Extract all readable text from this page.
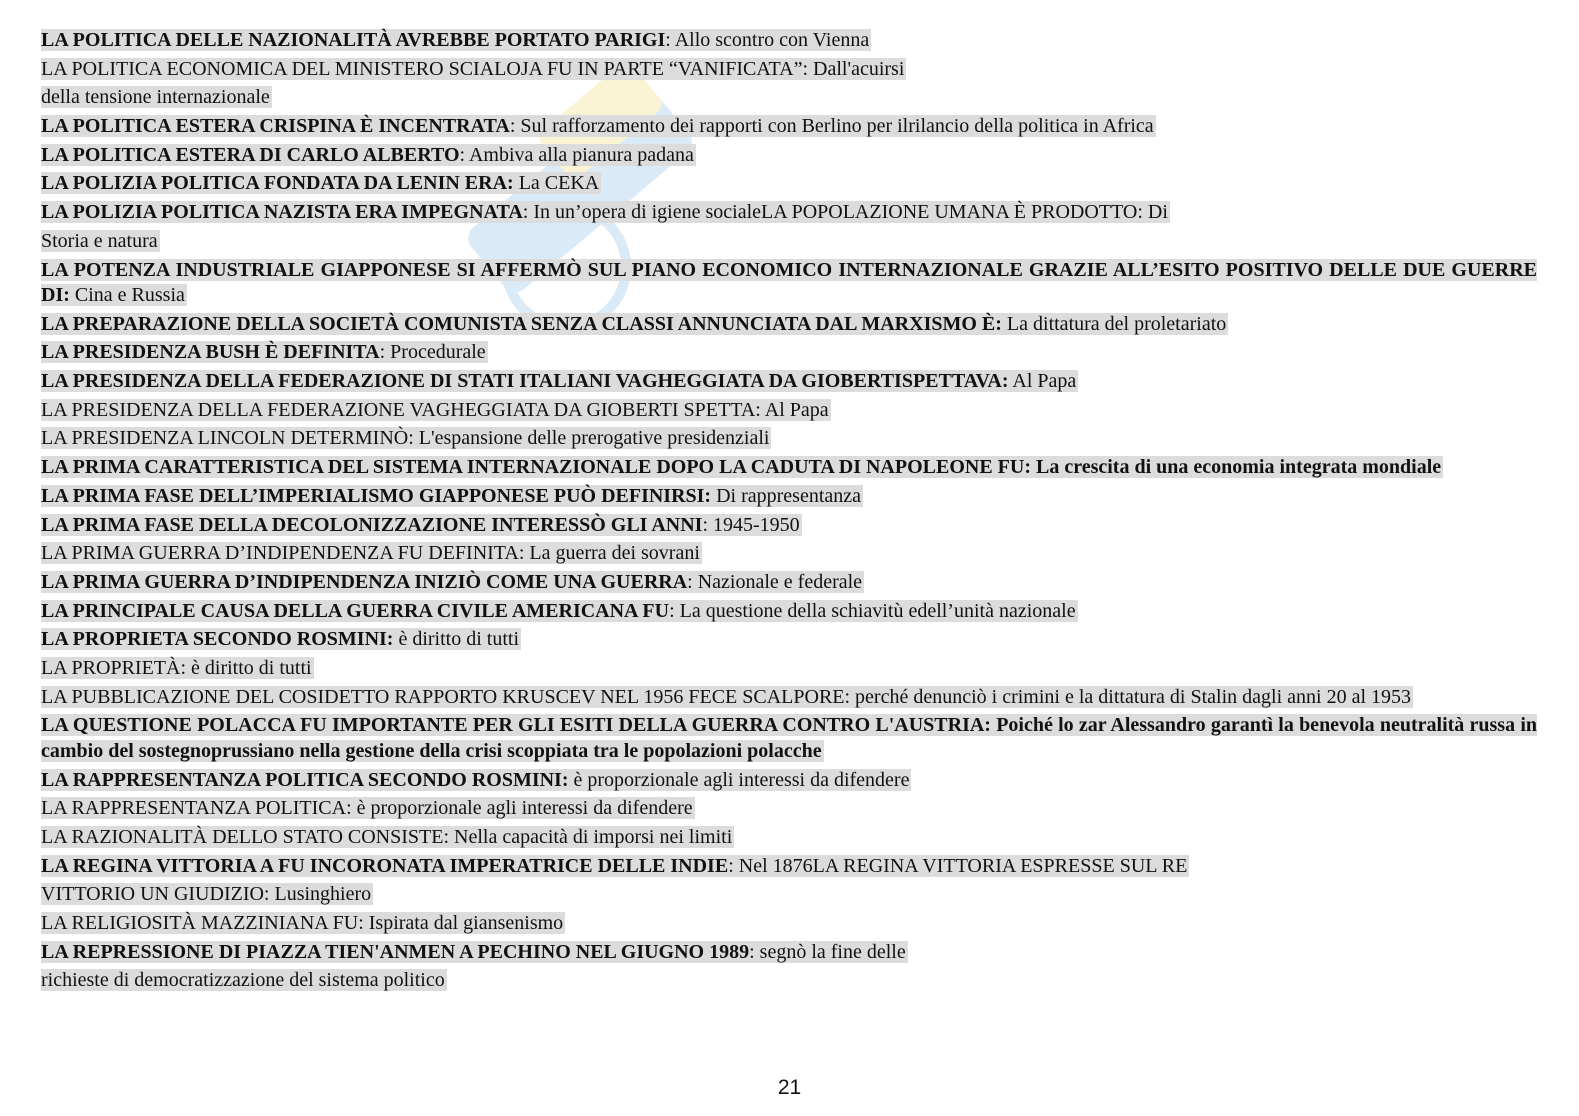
LA POLITICA DELLE NAZIONALITÀ AVREBBE PORTATO PARIGI: Allo scontro con Vienna
LA POLITICA ECONOMICA DEL MINISTERO SCIALOJA FU IN PARTE “VANIFICATA”: Dall'acuirsi
della tensione internazionale
LA POLITICA ESTERA CRISPINA È INCENTRATA: Sul rafforzamento dei rapporti con Berlino per ilrilancio della politica in Africa
LA POLITICA ESTERA DI CARLO ALBERTO: Ambiva alla pianura padana
LA POLIZIA POLITICA FONDATA DA LENIN ERA: La CEKA
LA POLIZIA POLITICA NAZISTA ERA IMPEGNATA: In un’opera di igiene socialeLA POPOLAZIONE UMANA È PRODOTTO: Di
Storia e natura
LA POTENZA INDUSTRIALE GIAPPONESE SI AFFERMÒ SUL PIANO ECONOMICO INTERNAZIONALE GRAZIE ALL’ESITO POSITIVO DELLE DUE GUERRE DI: Cina e Russia
LA PREPARAZIONE DELLA SOCIETÀ COMUNISTA SENZA CLASSI ANNUNCIATA DAL MARXISMO È: La dittatura del proletariato
LA PRESIDENZA BUSH È DEFINITA: Procedurale
LA PRESIDENZA DELLA FEDERAZIONE DI STATI ITALIANI VAGHEGGIATA DA GIOBERTISPETTAVA: Al Papa
LA PRESIDENZA DELLA FEDERAZIONE VAGHEGGIATA DA GIOBERTI SPETTA: Al Papa
LA PRESIDENZA LINCOLN DETERMINÒ: L'espansione delle prerogative presidenziali
LA PRIMA CARATTERISTICA DEL SISTEMA INTERNAZIONALE DOPO LA CADUTA DI NAPOLEONE FU: La crescita di una economia integrata mondiale
LA PRIMA FASE DELL’IMPERIALISMO GIAPPONESE PUÒ DEFINIRSI: Di rappresentanza
LA PRIMA FASE DELLA DECOLONIZZAZIONE INTERESSÒ GLI ANNI: 1945-1950
LA PRIMA GUERRA D’INDIPENDENZA FU DEFINITA: La guerra dei sovrani
LA PRIMA GUERRA D’INDIPENDENZA INIZIÒ COME UNA GUERRA: Nazionale e federale
LA PRINCIPALE CAUSA DELLA GUERRA CIVILE AMERICANA FU: La questione della schiavitù edell’unità nazionale
LA PROPRIETA SECONDO ROSMINI: è diritto di tutti
LA PROPRIETÀ: è diritto di tutti
LA PUBBLICAZIONE DEL COSIDETTO RAPPORTO KRUSCEV NEL 1956 FECE SCALPORE: perché denunciò i crimini e la dittatura di Stalin dagli anni 20 al 1953
LA QUESTIONE POLACCA FU IMPORTANTE PER GLI ESITI DELLA GUERRA CONTRO L'AUSTRIA: Poiché lo zar Alessandro garantì la benevola neutralità russa in cambio del sostegnoprussiano nella gestione della crisi scoppiata tra le popolazioni polacche
LA RAPPRESENTANZA POLITICA SECONDO ROSMINI: è proporzionale agli interessi da difendere
LA RAPPRESENTANZA POLITICA: è proporzionale agli interessi da difendere
LA RAZIONALITÀ DELLO STATO CONSISTE: Nella capacità di imporsi nei limiti
LA REGINA VITTORIA A FU INCORONATA IMPERATRICE DELLE INDIE: Nel 1876LA REGINA VITTORIA ESPRESSE SUL RE
VITTORIO UN GIUDIZIO: Lusinghiero
LA RELIGIOSITÀ MAZZINIANA FU: Ispirata dal giansenismo
LA REPRESSIONE DI PIAZZA TIEN'ANMEN A PECHINO NEL GIUGNO 1989: segnò la fine delle
richieste di democratizzazione del sistema politico
21
